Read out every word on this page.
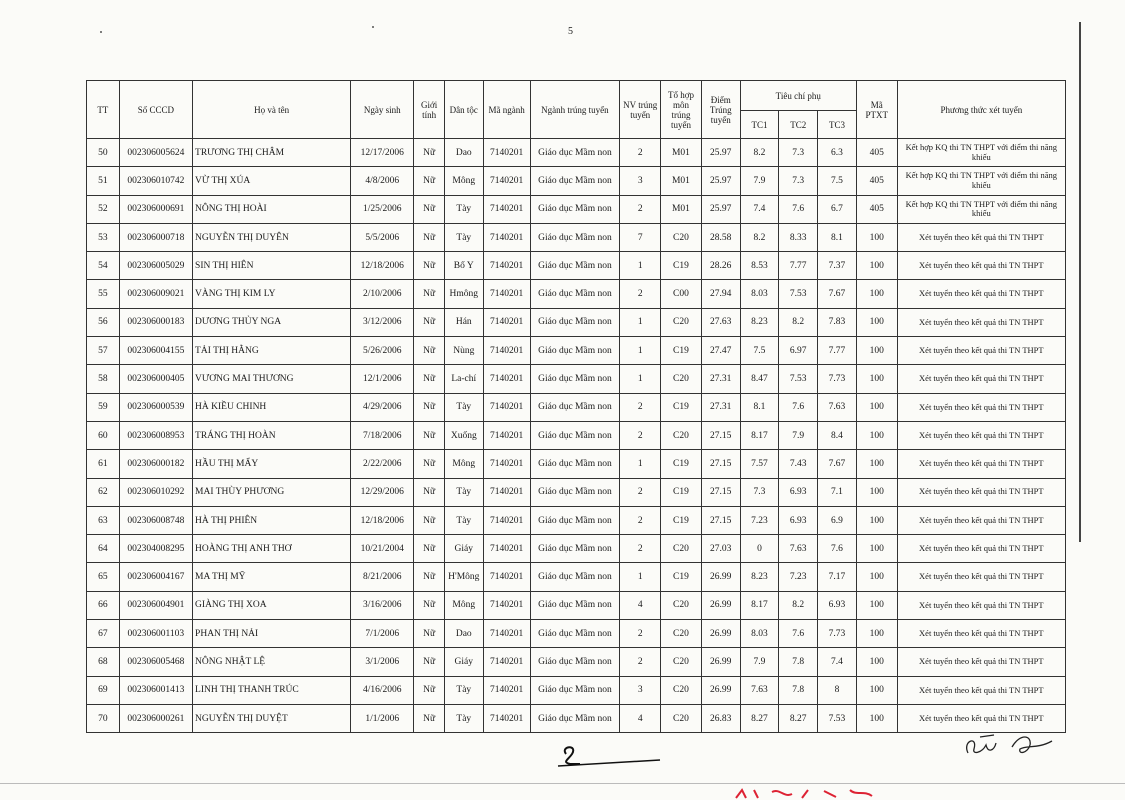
5
TT	Số CCCD	Họ và tên	Ngày sinh	Giới tính	Dân tộc	Mã ngành	Ngành trúng tuyển	NV trúng tuyển	Tổ hợp môn trúng tuyển	Điểm Trúng tuyển	Tiêu chí phụ			Mã PTXT	Phương thức xét tuyển
											TC1	TC2	TC3		
50	002306005624	TRƯƠNG THỊ CHÂM	12/17/2006	Nữ	Dao	7140201	Giáo dục Mầm non	2	M01	25.97	8.2	7.3	6.3	405	Kết hợp KQ thi TN THPT với điểm thi năng khiếu
51	002306010742	VỪ THỊ XÚA	4/8/2006	Nữ	Mông	7140201	Giáo dục Mầm non	3	M01	25.97	7.9	7.3	7.5	405	Kết hợp KQ thi TN THPT với điểm thi năng khiếu
52	002306000691	NÔNG THỊ HOÀI	1/25/2006	Nữ	Tày	7140201	Giáo dục Mầm non	2	M01	25.97	7.4	7.6	6.7	405	Kết hợp KQ thi TN THPT với điểm thi năng khiếu
53	002306000718	NGUYỄN THỊ DUYÊN	5/5/2006	Nữ	Tày	7140201	Giáo dục Mầm non	7	C20	28.58	8.2	8.33	8.1	100	Xét tuyển theo kết quả thi TN THPT
54	002306005029	SIN THỊ HIÊN	12/18/2006	Nữ	Bố Y	7140201	Giáo dục Mầm non	1	C19	28.26	8.53	7.77	7.37	100	Xét tuyển theo kết quả thi TN THPT
55	002306009021	VÀNG THỊ KIM LY	2/10/2006	Nữ	Hmông	7140201	Giáo dục Mầm non	2	C00	27.94	8.03	7.53	7.67	100	Xét tuyển theo kết quả thi TN THPT
56	002306000183	DƯƠNG THỦY NGA	3/12/2006	Nữ	Hán	7140201	Giáo dục Mầm non	1	C20	27.63	8.23	8.2	7.83	100	Xét tuyển theo kết quả thi TN THPT
57	002306004155	TẢI THỊ HẰNG	5/26/2006	Nữ	Nùng	7140201	Giáo dục Mầm non	1	C19	27.47	7.5	6.97	7.77	100	Xét tuyển theo kết quả thi TN THPT
58	002306000405	VƯƠNG MAI THƯƠNG	12/1/2006	Nữ	La-chí	7140201	Giáo dục Mầm non	1	C20	27.31	8.47	7.53	7.73	100	Xét tuyển theo kết quả thi TN THPT
59	002306000539	HÀ KIỀU CHINH	4/29/2006	Nữ	Tày	7140201	Giáo dục Mầm non	2	C19	27.31	8.1	7.6	7.63	100	Xét tuyển theo kết quả thi TN THPT
60	002306008953	TRÁNG THỊ HOÀN	7/18/2006	Nữ	Xuống	7140201	Giáo dục Mầm non	2	C20	27.15	8.17	7.9	8.4	100	Xét tuyển theo kết quả thi TN THPT
61	002306000182	HẦU THỊ MẨY	2/22/2006	Nữ	Mông	7140201	Giáo dục Mầm non	1	C19	27.15	7.57	7.43	7.67	100	Xét tuyển theo kết quả thi TN THPT
62	002306010292	MAI THÙY PHƯƠNG	12/29/2006	Nữ	Tày	7140201	Giáo dục Mầm non	2	C19	27.15	7.3	6.93	7.1	100	Xét tuyển theo kết quả thi TN THPT
63	002306008748	HÀ THỊ PHIÊN	12/18/2006	Nữ	Tày	7140201	Giáo dục Mầm non	2	C19	27.15	7.23	6.93	6.9	100	Xét tuyển theo kết quả thi TN THPT
64	002304008295	HOÀNG THỊ ANH THƠ	10/21/2004	Nữ	Giáy	7140201	Giáo dục Mầm non	2	C20	27.03	0	7.63	7.6	100	Xét tuyển theo kết quả thi TN THPT
65	002306004167	MA THỊ MỸ	8/21/2006	Nữ	H'Mông	7140201	Giáo dục Mầm non	1	C19	26.99	8.23	7.23	7.17	100	Xét tuyển theo kết quả thi TN THPT
66	002306004901	GIÀNG THỊ XOA	3/16/2006	Nữ	Mông	7140201	Giáo dục Mầm non	4	C20	26.99	8.17	8.2	6.93	100	Xét tuyển theo kết quả thi TN THPT
67	002306001103	PHAN THỊ NẢI	7/1/2006	Nữ	Dao	7140201	Giáo dục Mầm non	2	C20	26.99	8.03	7.6	7.73	100	Xét tuyển theo kết quả thi TN THPT
68	002306005468	NÔNG NHẬT LỆ	3/1/2006	Nữ	Giáy	7140201	Giáo dục Mầm non	2	C20	26.99	7.9	7.8	7.4	100	Xét tuyển theo kết quả thi TN THPT
69	002306001413	LINH THỊ THANH TRÚC	4/16/2006	Nữ	Tày	7140201	Giáo dục Mầm non	3	C20	26.99	7.63	7.8	8	100	Xét tuyển theo kết quả thi TN THPT
70	002306000261	NGUYỄN THỊ DUYỆT	1/1/2006	Nữ	Tày	7140201	Giáo dục Mầm non	4	C20	26.83	8.27	8.27	7.53	100	Xét tuyển theo kết quả thi TN THPT
